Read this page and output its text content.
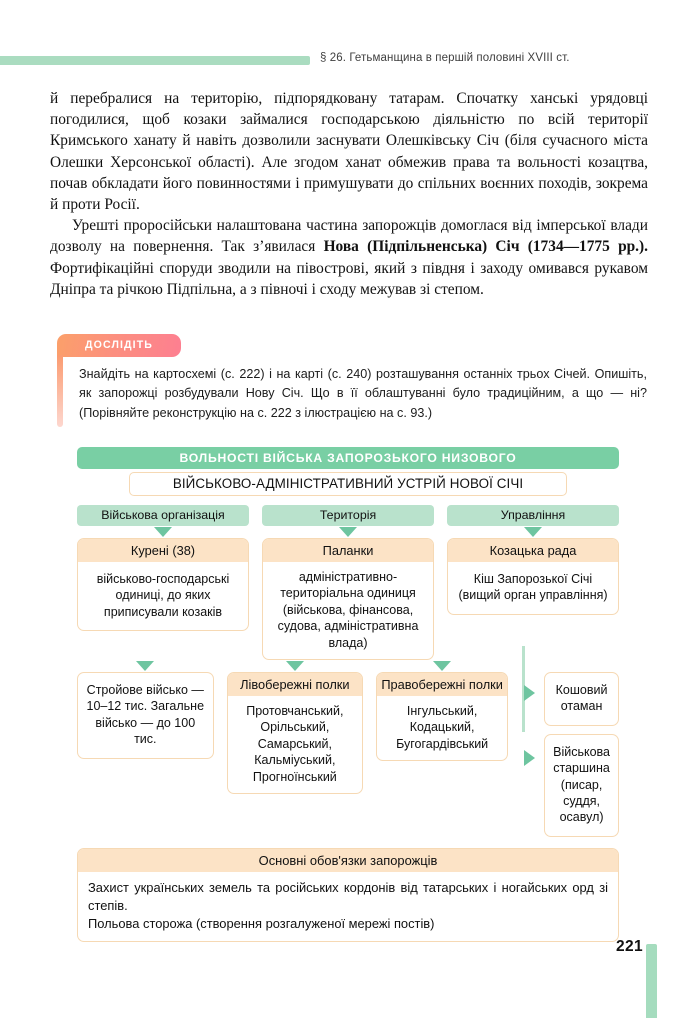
§ 26. Гетьманщина в першій половині XVIII ст.

й перебралися на територію, підпорядковану татарам. Спочатку ханські урядовці погодилися, щоб козаки займалися господарською діяльністю по всій території Кримського ханату й навіть дозволили заснувати Олешківську Січ (біля сучасного міста Олешки Херсонської області). Але згодом ханат обмежив права та вольності козацтва, почав обкладати його повинностями і примушувати до спільних воєнних походів, зокрема й проти Росії.

Урешті проросійськи налаштована частина запорожців домоглася від імперської влади дозволу на повернення. Так з’явилася Нова (Підпільненська) Січ (1734—1775 рр.). Фортифікаційні споруди зводили на півострові, який з півдня і заходу омивався рукавом Дніпра та річкою Підпільна, а з півночі і сходу межував зі степом.

ДОСЛІДІТЬ
Знайдіть на картосхемі (с. 222) і на карті (с. 240) розташування останніх трьох Січей. Опишіть, як запорожці розбудували Нову Січ. Що в її облаштуванні було традиційним, а що — ні? (Порівняйте реконструкцію на с. 222 з ілюстрацією на с. 93.)
ВОЛЬНОСТІ ВІЙСЬКА ЗАПОРОЗЬКОГО НИЗОВОГО
ВІЙСЬКОВО-АДМІНІСТРАТИВНИЙ УСТРІЙ НОВОЇ СІЧІ
Військова організація
Курені (38)
військово-господарські одиниці, до яких приписували козаків
Територія
Паланки
адміністративно-територіальна одиниця (військова, фінансова, судова, адміністративна влада)
Управління
Козацька рада
Кіш Запорозької Січі (вищий орган управління)
Стройове військо — 10–12 тис. Загальне військо — до 100 тис.
Лівобережні полки
Протовчанський, Орільський, Самарський, Кальміуський, Прогноїнський
Правобережні полки
Інгульський, Кодацький, Бугогардівський
Кошовий отаман
Військова старшина (писар, суддя, осавул)
Основні обов'язки запорожців

Захист українських земель та російських кордонів від татарських і ногайських орд зі степів.

Польова сторожа (створення розгалуженої мережі постів)

221
